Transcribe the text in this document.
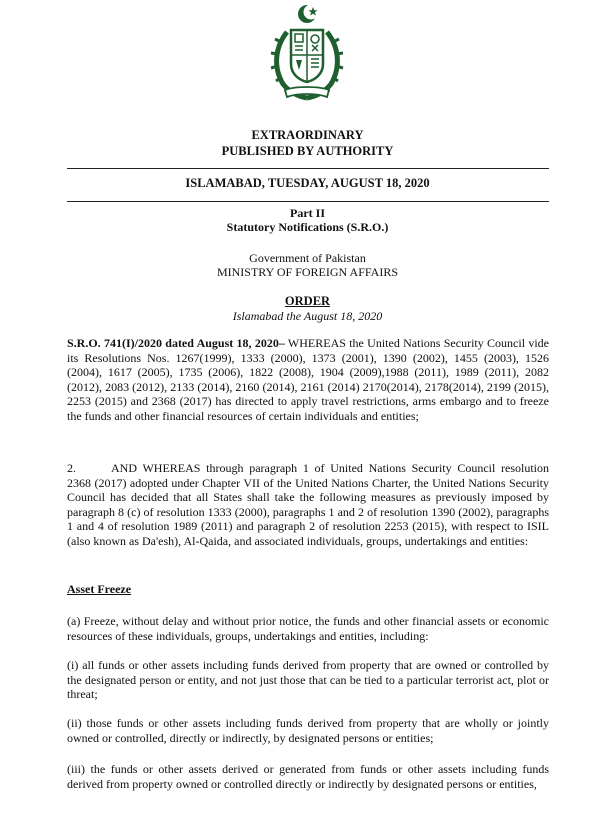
EXTRAORDINARY
PUBLISHED BY AUTHORITY
ISLAMABAD, TUESDAY, AUGUST 18, 2020
Part II
Statutory Notifications (S.R.O.)
Government of Pakistan
MINISTRY OF FOREIGN AFFAIRS
ORDER
Islamabad the August 18, 2020
S.R.O. 741(I)/2020 dated August 18, 2020– WHEREAS the United Nations Security Council vide its Resolutions Nos. 1267(1999), 1333 (2000), 1373 (2001), 1390 (2002), 1455 (2003), 1526 (2004), 1617 (2005), 1735 (2006), 1822 (2008), 1904 (2009),1988 (2011), 1989 (2011), 2082 (2012), 2083 (2012), 2133 (2014), 2160 (2014), 2161 (2014) 2170(2014), 2178(2014), 2199 (2015), 2253 (2015) and 2368 (2017) has directed to apply travel restrictions, arms embargo and to freeze the funds and other financial resources of certain individuals and entities;
2.	AND WHEREAS through paragraph 1 of United Nations Security Council resolution 2368 (2017) adopted under Chapter VII of the United Nations Charter, the United Nations Security Council has decided that all States shall take the following measures as previously imposed by paragraph 8 (c) of resolution 1333 (2000), paragraphs 1 and 2 of resolution 1390 (2002), paragraphs 1 and 4 of resolution 1989 (2011) and paragraph 2 of resolution 2253 (2015), with respect to ISIL (also known as Da'esh), Al-Qaida, and associated individuals, groups, undertakings and entities:
Asset Freeze
(a) Freeze, without delay and without prior notice, the funds and other financial assets or economic resources of these individuals, groups, undertakings and entities, including:
(i) all funds or other assets including funds derived from property that are owned or controlled by the designated person or entity, and not just those that can be tied to a particular terrorist act, plot or threat;
(ii) those funds or other assets including funds derived from property that are wholly or jointly owned or controlled, directly or indirectly, by designated persons or entities;
(iii) the funds or other assets derived or generated from funds or other assets including funds derived from property owned or controlled directly or indirectly by designated persons or entities,
